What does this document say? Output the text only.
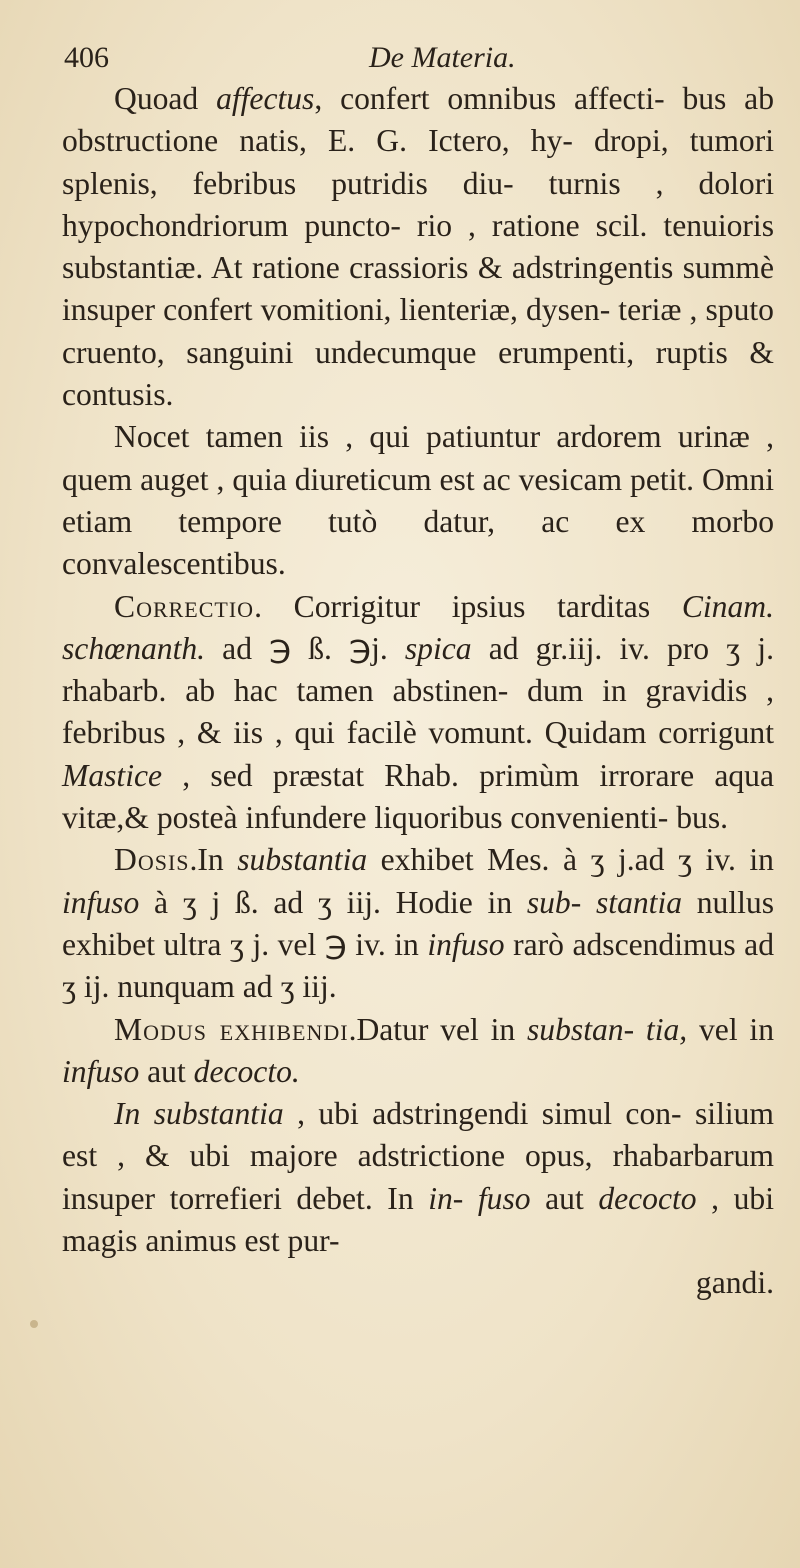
406	De Materia.

Quoad affectus, confert omnibus affecti- bus ab obstructione natis, E. G. Ictero, hy- dropi, tumori splenis, febribus putridis diu- turnis , dolori hypochondriorum puncto- rio , ratione scil. tenuioris substantiæ. At ratione crassioris & adstringentis summè insuper confert vomitioni, lienteriæ, dysen- teriæ , sputo cruento, sanguini undecumque erumpenti, ruptis & contusis.

Nocet tamen iis , qui patiuntur ardorem urinæ , quem auget , quia diureticum est ac vesicam petit. Omni etiam tempore tutò datur, ac ex morbo convalescentibus.

Correctio. Corrigitur ipsius tarditas Cinam. schœnanth. ad ℈ ß. ℈j. spica ad gr.iij. iv. pro ʒ j. rhabarb. ab hac tamen abstinen- dum in gravidis , febribus , & iis , qui facilè vomunt. Quidam corrigunt Mastice , sed præstat Rhab. primùm irrorare aqua vitæ,& posteà infundere liquoribus convenienti- bus.

Dosis.In substantia exhibet Mes. à ʒ j.ad ʒ iv. in infuso à ʒ j ß. ad ʒ iij. Hodie in sub- stantia nullus exhibet ultra ʒ j. vel ℈ iv. in infuso rarò adscendimus ad ʒ ij. nunquam ad ʒ iij.

Modus exhibendi.Datur vel in substan- tia, vel in infuso aut decocto.

In substantia , ubi adstringendi simul con- silium est , & ubi majore adstrictione opus, rhabarbarum insuper torrefieri debet. In in- fuso aut decocto , ubi magis animus est pur-

gandi.
